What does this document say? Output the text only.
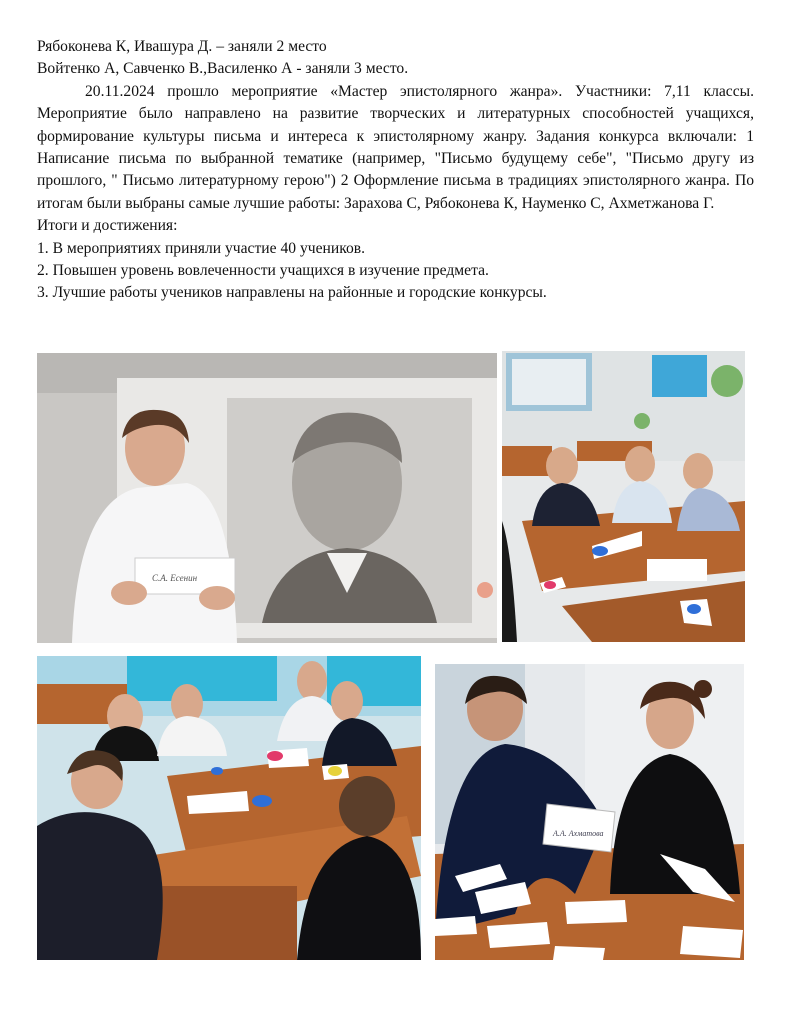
Рябоконева К, Ивашура Д. – заняли 2 место

Войтенко А, Савченко В.,Василенко А - заняли 3 место.

20.11.2024 прошло мероприятие «Мастер эпистолярного жанра». Участники: 7,11 классы. Мероприятие было направлено на развитие творческих и литературных способностей учащихся, формирование культуры письма и интереса к эпистолярному жанру. Задания конкурса включали: 1 Написание письма по выбранной тематике (например, "Письмо будущему себе", "Письмо другу из прошлого, " Письмо литературному герою") 2 Оформление письма в традициях эпистолярного жанра. По итогам были выбраны самые лучшие работы: Зарахова С, Рябоконева К, Науменко С, Ахметжанова Г.

Итоги и достижения:

1. В мероприятиях приняли участие 40 учеников.

2. Повышен уровень вовлеченности учащихся в изучение предмета.

3. Лучшие работы учеников направлены на районные и городские конкурсы.

С.А. Есенин
А.А. Ахматова
